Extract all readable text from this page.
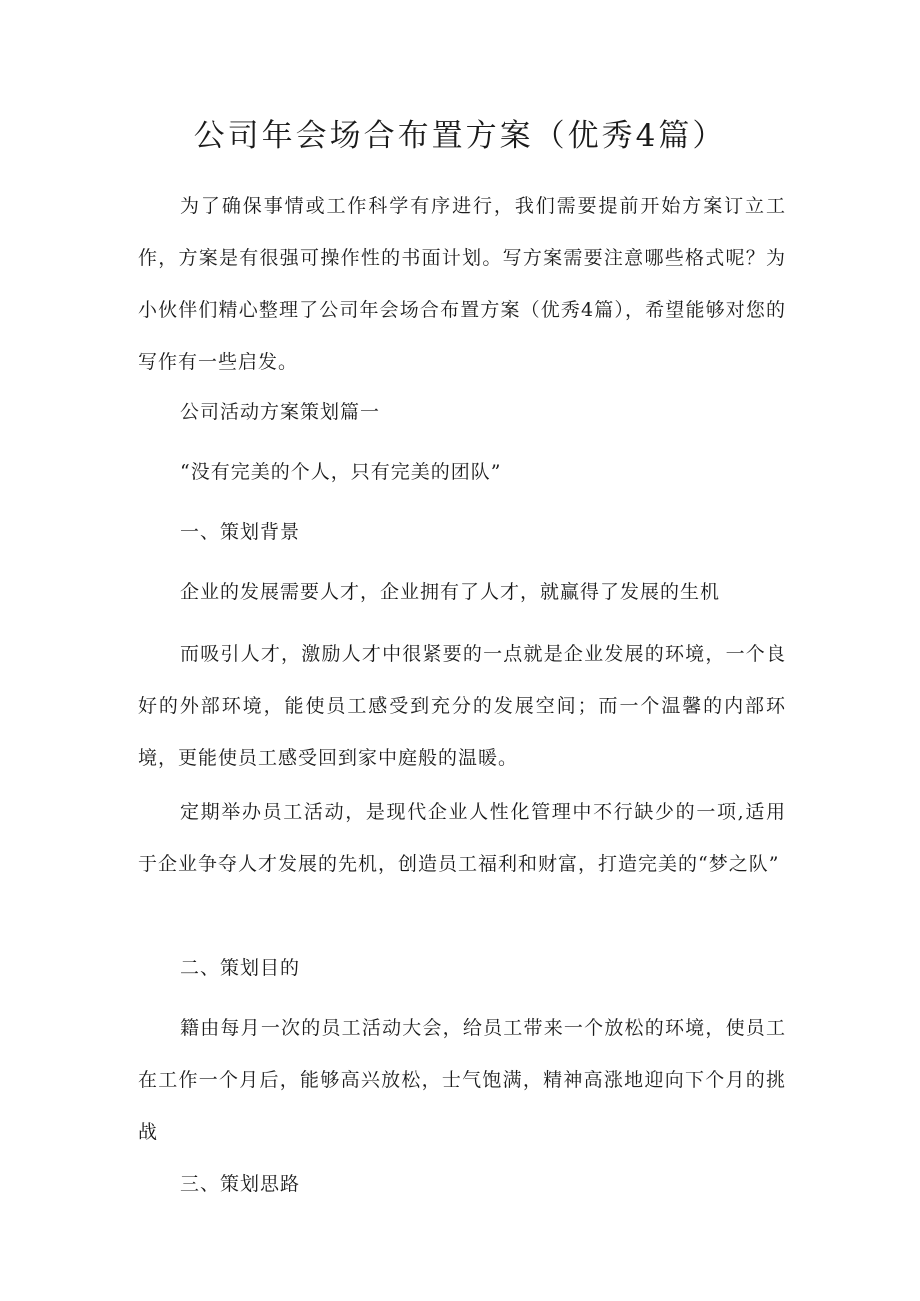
公司年会场合布置方案（优秀4篇）
为了确保事情或工作科学有序进行，我们需要提前开始方案订立工作，方案是有很强可操作性的书面计划。写方案需要注意哪些格式呢？为小伙伴们精心整理了公司年会场合布置方案（优秀4篇），希望能够对您的写作有一些启发。
公司活动方案策划篇一
“没有完美的个人，只有完美的团队”
一、策划背景
企业的发展需要人才，企业拥有了人才，就赢得了发展的生机
而吸引人才，激励人才中很紧要的一点就是企业发展的环境，一个良好的外部环境，能使员工感受到充分的发展空间；而一个温馨的内部环境，更能使员工感受回到家中庭般的温暖。
定期举办员工活动，是现代企业人性化管理中不行缺少的一项,适用于企业争夺人才发展的先机，创造员工福利和财富，打造完美的“梦之队”
二、策划目的
籍由每月一次的员工活动大会，给员工带来一个放松的环境，使员工在工作一个月后，能够高兴放松，士气饱满，精神高涨地迎向下个月的挑战
三、策划思路
